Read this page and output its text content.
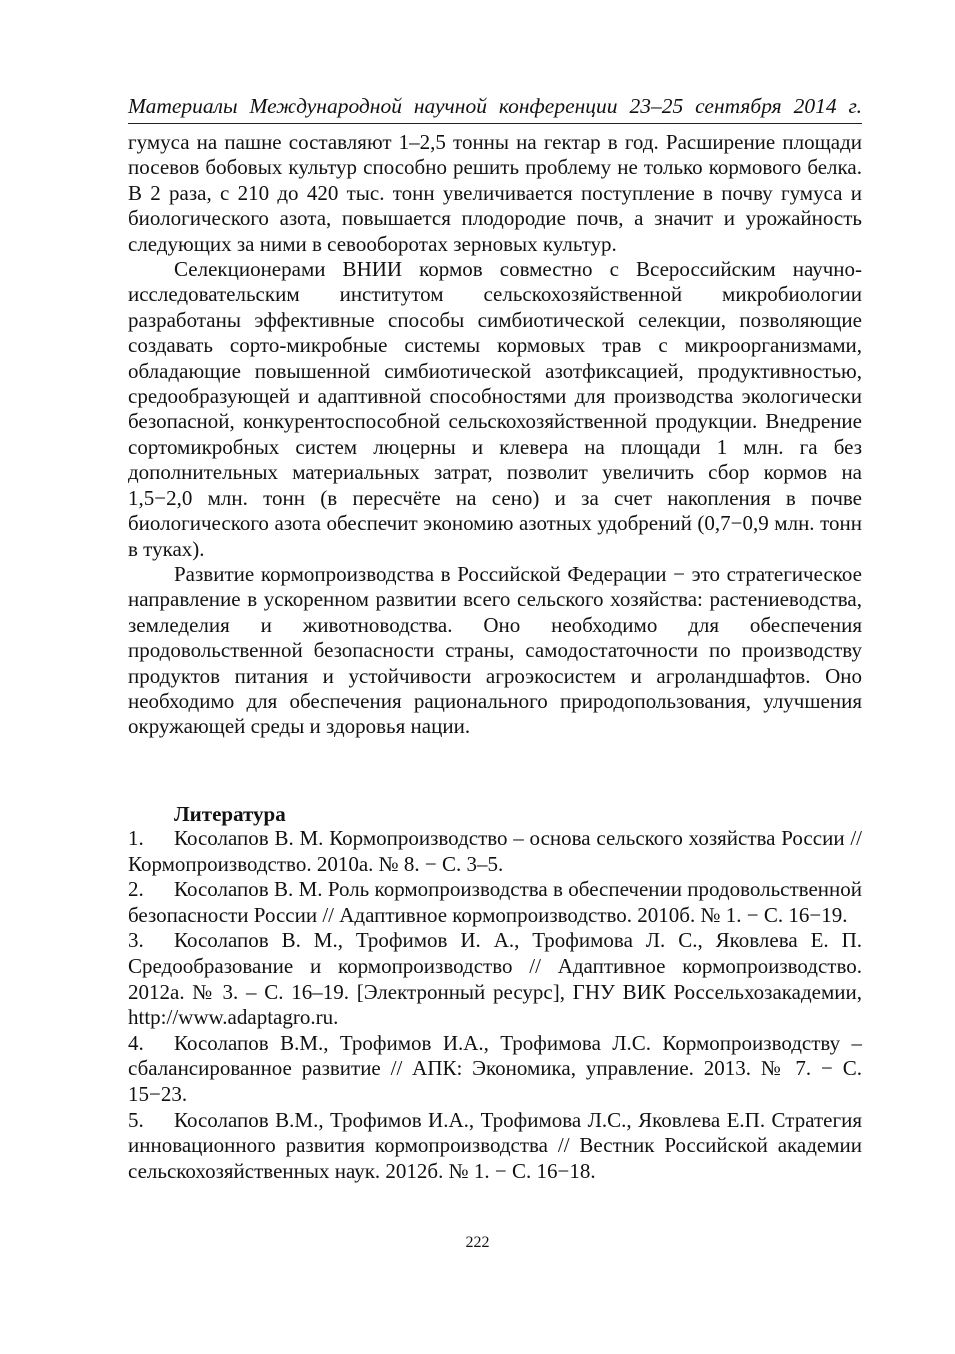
Материалы Международной научной конференции 23–25 сентября 2014 г.

гумуса на пашне составляют 1–2,5 тонны на гектар в год. Расширение площади посевов бобовых культур способно решить проблему не только кормового белка. В 2 раза, с 210 до 420 тыс. тонн увеличивается поступление в почву гумуса и биологического азота, повышается плодородие почв, а значит и урожайность следующих за ними в севооборотах зерновых культур.

Селекционерами ВНИИ кормов совместно с Всероссийским научно-исследовательским институтом сельскохозяйственной микробиологии разработаны эффективные способы симбиотической селекции, позволяющие создавать сорто-микробные системы кормовых трав с микроорганизмами, обладающие повышенной симбиотической азотфиксацией, продуктивностью, средообразующей и адаптивной способностями для производства экологически безопасной, конкурентоспособной сельскохозяйственной продукции. Внедрение сортомикробных систем люцерны и клевера на площади 1 млн. га без дополнительных материальных затрат, позволит увеличить сбор кормов на 1,5−2,0 млн. тонн (в пересчёте на сено) и за счет накопления в почве биологического азота обеспечит экономию азотных удобрений (0,7−0,9 млн. тонн в туках).

Развитие кормопроизводства в Российской Федерации − это стратегическое направление в ускоренном развитии всего сельского хозяйства: растениеводства, земледелия и животноводства. Оно необходимо для обеспечения продовольственной безопасности страны, самодостаточности по производству продуктов питания и устойчивости агроэкосистем и агроландшафтов. Оно необходимо для обеспечения рационального природопользования, улучшения окружающей среды и здоровья нации.

Литература

1. Косолапов В. М. Кормопроизводство – основа сельского хозяйства России // Кормопроизводство. 2010а. № 8. − С. 3–5.

2. Косолапов В. М. Роль кормопроизводства в обеспечении продовольственной безопасности России // Адаптивное кормопроизводство. 2010б. № 1. − С. 16−19.

3. Косолапов В. М., Трофимов И. А., Трофимова Л. С., Яковлева Е. П. Средообразование и кормопроизводство // Адаптивное кормопроизводство. 2012а. № 3. – С. 16–19. [Электронный ресурс], ГНУ ВИК Россельхозакадемии, http://www.adaptagro.ru.

4. Косолапов В.М., Трофимов И.А., Трофимова Л.С. Кормопроизводству – сбалансированное развитие // АПК: Экономика, управление. 2013. № 7. − С. 15−23.

5. Косолапов В.М., Трофимов И.А., Трофимова Л.С., Яковлева Е.П. Стратегия инновационного развития кормопроизводства // Вестник Российской академии сельскохозяйственных наук. 2012б. № 1. − С. 16−18.

222
